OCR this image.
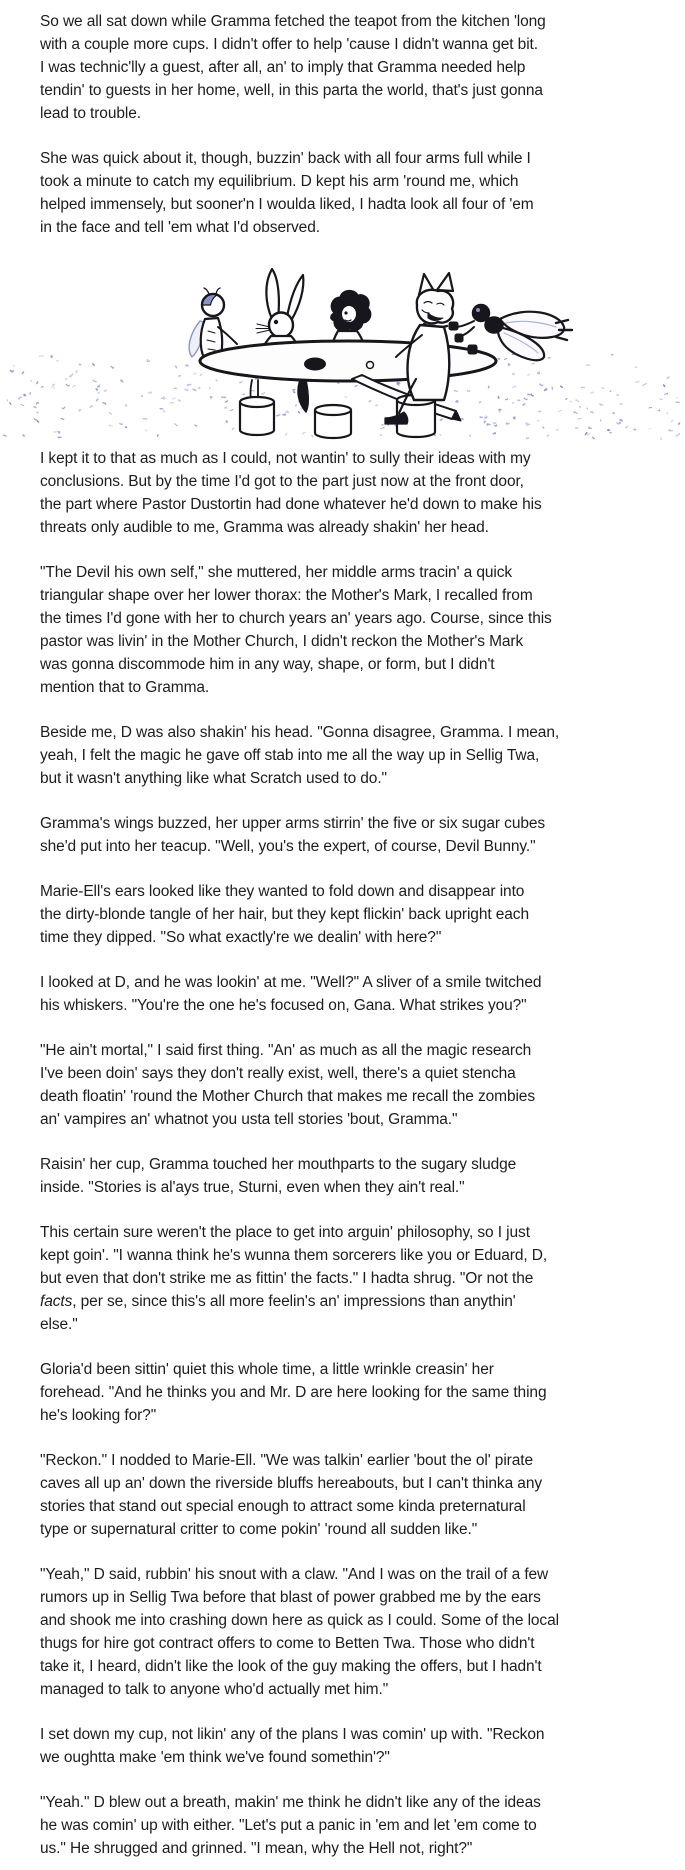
So we all sat down while Gramma fetched the teapot from the kitchen 'long
with a couple more cups. I didn't offer to help 'cause I didn't wanna get bit.
I was technic'lly a guest, after all, an' to imply that Gramma needed help
tendin' to guests in her home, well, in this parta the world, that's just gonna
lead to trouble.
She was quick about it, though, buzzin' back with all four arms full while I
took a minute to catch my equilibrium. D kept his arm 'round me, which
helped immensely, but sooner'n I woulda liked, I hadta look all four of 'em
in the face and tell 'em what I'd observed.
I kept it to that as much as I could, not wantin' to sully their ideas with my
conclusions. But by the time I'd got to the part just now at the front door,
the part where Pastor Dustortin had done whatever he'd down to make his
threats only audible to me, Gramma was already shakin' her head.
"The Devil his own self," she muttered, her middle arms tracin' a quick
triangular shape over her lower thorax: the Mother's Mark, I recalled from
the times I'd gone with her to church years an' years ago. Course, since this
pastor was livin' in the Mother Church, I didn't reckon the Mother's Mark
was gonna discommode him in any way, shape, or form, but I didn't
mention that to Gramma.
Beside me, D was also shakin' his head. "Gonna disagree, Gramma. I mean,
yeah, I felt the magic he gave off stab into me all the way up in Sellig Twa,
but it wasn't anything like what Scratch used to do."
Gramma's wings buzzed, her upper arms stirrin' the five or six sugar cubes
she'd put into her teacup. "Well, you's the expert, of course, Devil Bunny."
Marie-Ell's ears looked like they wanted to fold down and disappear into
the dirty-blonde tangle of her hair, but they kept flickin' back upright each
time they dipped. "So what exactly're we dealin' with here?"
I looked at D, and he was lookin' at me. "Well?" A sliver of a smile twitched
his whiskers. "You're the one he's focused on, Gana. What strikes you?"
"He ain't mortal," I said first thing. "An' as much as all the magic research
I've been doin' says they don't really exist, well, there's a quiet stencha
death floatin' 'round the Mother Church that makes me recall the zombies
an' vampires an' whatnot you usta tell stories 'bout, Gramma."
Raisin' her cup, Gramma touched her mouthparts to the sugary sludge
inside. "Stories is al'ays true, Sturni, even when they ain't real."
This certain sure weren't the place to get into arguin' philosophy, so I just
kept goin'. "I wanna think he's wunna them sorcerers like you or Eduard, D,
but even that don't strike me as fittin' the facts." I hadta shrug. "Or not the
facts, per se, since this's all more feelin's an' impressions than anythin'
else."
Gloria'd been sittin' quiet this whole time, a little wrinkle creasin' her
forehead. "And he thinks you and Mr. D are here looking for the same thing
he's looking for?"
"Reckon." I nodded to Marie-Ell. "We was talkin' earlier 'bout the ol' pirate
caves all up an' down the riverside bluffs hereabouts, but I can't thinka any
stories that stand out special enough to attract some kinda preternatural
type or supernatural critter to come pokin' 'round all sudden like."
"Yeah," D said, rubbin' his snout with a claw. "And I was on the trail of a few
rumors up in Sellig Twa before that blast of power grabbed me by the ears
and shook me into crashing down here as quick as I could. Some of the local
thugs for hire got contract offers to come to Betten Twa. Those who didn't
take it, I heard, didn't like the look of the guy making the offers, but I hadn't
managed to talk to anyone who'd actually met him."
I set down my cup, not likin' any of the plans I was comin' up with. "Reckon
we oughtta make 'em think we've found somethin'?"
"Yeah." D blew out a breath, makin' me think he didn't like any of the ideas
he was comin' up with either. "Let's put a panic in 'em and let 'em come to
us." He shrugged and grinned. "I mean, why the Hell not, right?"
